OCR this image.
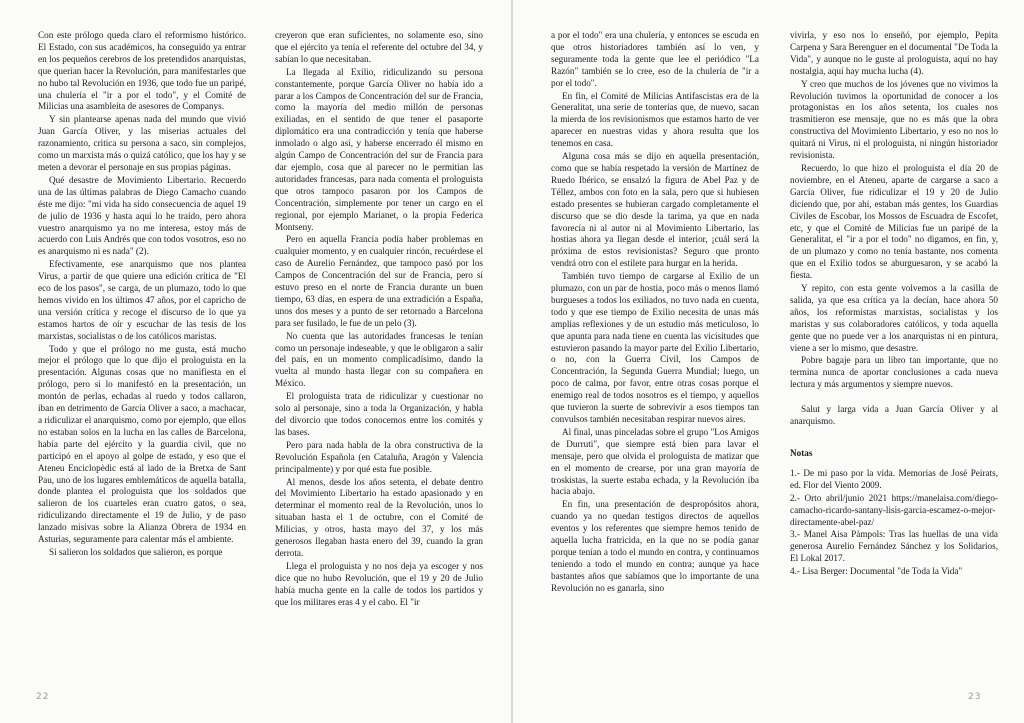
Con este prólogo queda claro el reformismo histórico. El Estado, con sus académicos, ha conseguido ya entrar en los pequeños cerebros de los pretendidos anarquistas, que querían hacer la Revolución, para manifestarles que no hubo tal Revolución en 1936, que todo fue un paripé, una chulería el "ir a por el todo", y el Comité de Milicias una asambleíta de asesores de Companys.

Y sin plantearse apenas nada del mundo que vivió Juan García Oliver, y las miserias actuales del razonamiento, critica su persona a saco, sin complejos, como un marxista más o quizá católico, que los hay y se meten a devorar el personaje en sus propias páginas.

Qué desastre de Movimiento Libertario. Recuerdo una de las últimas palabras de Diego Camacho cuando éste me dijo: "mi vida ha sido consecuencia de aquel 19 de julio de 1936 y hasta aquí lo he traído, pero ahora vuestro anarquismo ya no me interesa, estoy más de acuerdo con Luis Andrés que con todos vosotros, eso no es anarquismo ni es nada" (2).

Efectivamente, ese anarquismo que nos plantea Virus, a partir de que quiere una edición crítica de "El eco de los pasos", se carga, de un plumazo, todo lo que hemos vivido en los últimos 47 años, por el capricho de una versión crítica y recoge el discurso de lo que ya estamos hartos de oír y escuchar de las tesis de los marxistas, socialistas o de los católicos maristas.

Todo y que el prólogo no me gusta, está mucho mejor el prólogo que lo que dijo el prologuista en la presentación. Algunas cosas que no manifiesta en el prólogo, pero si lo manifestó en la presentación, un montón de perlas, echadas al ruedo y todos callaron, iban en detrimento de García Oliver a saco, a machacar, a ridiculizar el anarquismo, como por ejemplo, que ellos no estaban solos en la lucha en las calles de Barcelona, había parte del ejército y la guardia civil, que no participó en el apoyo al golpe de estado, y eso que el Ateneu Enciclopèdic está al lado de la Bretxa de Sant Pau, uno de los lugares emblemáticos de aquella batalla, donde plantea el prologuista que los soldados que salieron de los cuarteles eran cuatro gatos, o sea, ridiculizando directamente el 19 de Julio, y de paso lanzado misivas sobre la Alianza Obrera de 1934 en Asturias, seguramente para calentar más el ambiente.

Si salieron los soldados que salieron, es porque

creyeron que eran suficientes, no solamente eso, sino que el ejército ya tenía el referente del octubre del 34, y sabían lo que necesitaban.

La llegada al Exilio, ridiculizando su persona constantemente, porque García Oliver no había ido a parar a los Campos de Concentración del sur de Francia, como la mayoría del medio millón de personas exiliadas, en el sentido de que tener el pasaporte diplomático era una contradicción y tenía que haberse inmolado o algo así, y haberse encerrado él mismo en algún Campo de Concentración del sur de Francia para dar ejemplo, cosa que al parecer no le permitían las autoridades francesas, para nada comenta el prologuista que otros tampoco pasaron por los Campos de Concentración, simplemente por tener un cargo en el regional, por ejemplo Marianet, o la propia Federica Montseny.

Pero en aquella Francia podía haber problemas en cualquier momento, y en cualquier rincón, recuérdese el caso de Aurelio Fernández, que tampoco pasó por los Campos de Concentración del sur de Francia, pero sí estuvo preso en el norte de Francia durante un buen tiempo, 63 días, en espera de una extradición a España, unos dos meses y a punto de ser retornado a Barcelona para ser fusilado, le fue de un pelo (3).

No cuenta que las autoridades francesas le tenían como un personaje indeseable, y que le obligaron a salir del país, en un momento complicadísimo, dando la vuelta al mundo hasta llegar con su compañera en México.

El prologuista trata de ridiculizar y cuestionar no solo al personaje, sino a toda la Organización, y habla del divorcio que todos conocemos entre los comités y las bases.

Pero para nada habla de la obra constructiva de la Revolución Española (en Cataluña, Aragón y Valencia principalmente) y por qué esta fue posible.

Al menos, desde los años setenta, el debate dentro del Movimiento Libertario ha estado apasionado y en determinar el momento real de la Revolución, unos lo situaban hasta el 1 de octubre, con el Comité de Milicias, y otros, hasta mayo del 37, y los más generosos llegaban hasta enero del 39, cuando la gran derrota.

Llega el prologuista y no nos deja ya escoger y nos dice que no hubo Revolución, que el 19 y 20 de Julio había mucha gente en la calle de todos los partidos y que los militares eras 4 y el cabo. El "ir

a por el todo" era una chulería, y entonces se escuda en que otros historiadores también así lo ven, y seguramente toda la gente que lee el periódico "La Razón" también se lo cree, eso de la chulería de "ir a por el todo".

En fin, el Comité de Milicias Antifascistas era de la Generalitat, una serie de tonterías que, de nuevo, sacan la mierda de los revisionismos que estamos harto de ver aparecer en nuestras vidas y ahora resulta que los tenemos en casa.

Alguna cosa más se dijo en aquella presentación, como que se había respetado la versión de Martínez de Ruedo Ibérico, se ensalzó la figura de Abel Paz y de Téllez, ambos con foto en la sala, pero que si hubiesen estado presentes se hubieran cargado completamente el discurso que se dio desde la tarima, ya que en nada favorecía ni al autor ni al Movimiento Libertario, las hostias ahora ya llegan desde el interior, ¡cuál será la próxima de estos revisionistas? Seguro que pronto vendrá otro con el estilete para hurgar en la herida.

También tuvo tiempo de cargarse al Exilio de un plumazo, con un par de hostia, poco más o menos llamó burgueses a todos los exiliados, no tuvo nada en cuenta, todo y que ese tiempo de Exilio necesita de unas más amplias reflexiones y de un estudio más meticuloso, lo que apunta para nada tiene en cuenta las vicisitudes que estuvieron pasando la mayor parte del Exilio Libertario, o no, con la Guerra Civil, los Campos de Concentración, la Segunda Guerra Mundial; luego, un poco de calma, por favor, entre otras cosas porque el enemigo real de todos nosotros es el tiempo, y aquellos que tuvieron la suerte de sobrevivir a esos tiempos tan convulsos también necesitaban respirar nuevos aires.

Al final, unas pinceladas sobre el grupo "Los Amigos de Durruti", que siempre está bien para lavar el mensaje, pero que olvida el prologuista de matizar que en el momento de crearse, por una gran mayoría de troskistas, la suerte estaba echada, y la Revolución iba hacia abajo.

En fin, una presentación de despropósitos ahora, cuando ya no quedan testigos directos de aquellos eventos y los referentes que siempre hemos tenido de aquella lucha fratricida, en la que no se podía ganar porque tenían a todo el mundo en contra, y continuamos teniendo a todo el mundo en contra; aunque ya hace bastantes años que sabíamos que lo importante de una Revolución no es ganarla, sino

vivirla, y eso nos lo enseñó, por ejemplo, Pepita Carpena y Sara Berenguer en el documental "De Toda la Vida", y aunque no le guste al prologuista, aquí no hay nostalgia, aquí hay mucha lucha (4).

Y creo que muchos de los jóvenes que no vivimos la Revolución tuvimos la oportunidad de conocer a los protagonistas en los años setenta, los cuales nos trasmitieron ese mensaje, que no es más que la obra constructiva del Movimiento Libertario, y eso no nos lo quitará ni Virus, ni el prologuista, ni ningún historiador revisionista.

Recuerdo, lo que hizo el prologuista el día 20 de noviembre, en el Ateneu, aparte de cargarse a saco a García Oliver, fue ridiculizar el 19 y 20 de Julio diciendo que, por ahí, estaban más gentes, los Guardias Civiles de Escobar, los Mossos de Escuadra de Escofet, etc, y que el Comité de Milicias fue un paripé de la Generalitat, el "ir a por el todo" no digamos, en fin, y, de un plumazo y como no tenía bastante, nos comenta que en el Exilio todos se aburguesaron, y se acabó la fiesta.

Y repito, con esta gente volvemos a la casilla de salida, ya que esa crítica ya la decían, hace ahora 50 años, los reformistas marxistas, socialistas y los maristas y sus colaboradores católicos, y toda aquella gente que no puede ver a los anarquistas ni en pintura, viene a ser lo mismo, que desastre.

Pobre bagaje para un libro tan importante, que no termina nunca de aportar conclusiones a cada nueva lectura y más argumentos y siempre nuevos.

Salut y larga vida a Juan García Oliver y al anarquismo.

Notas

1.- De mi paso por la vida. Memorias de José Peirats, ed. Flor del Viento 2009.

2.- Orto abril/junio 2021 https://manelaisa.com/diego-camacho-ricardo-santany-lisis-garcia-escamez-o-mejor-directamente-abel-paz/

3.- Manel Aisa Pàmpols: Tras las huellas de una vida generosa Aurelio Fernández Sánchez y los Solidarios, El Lokal 2017.

4.- Lisa Berger: Documental "de Toda la Vida"

22	23
